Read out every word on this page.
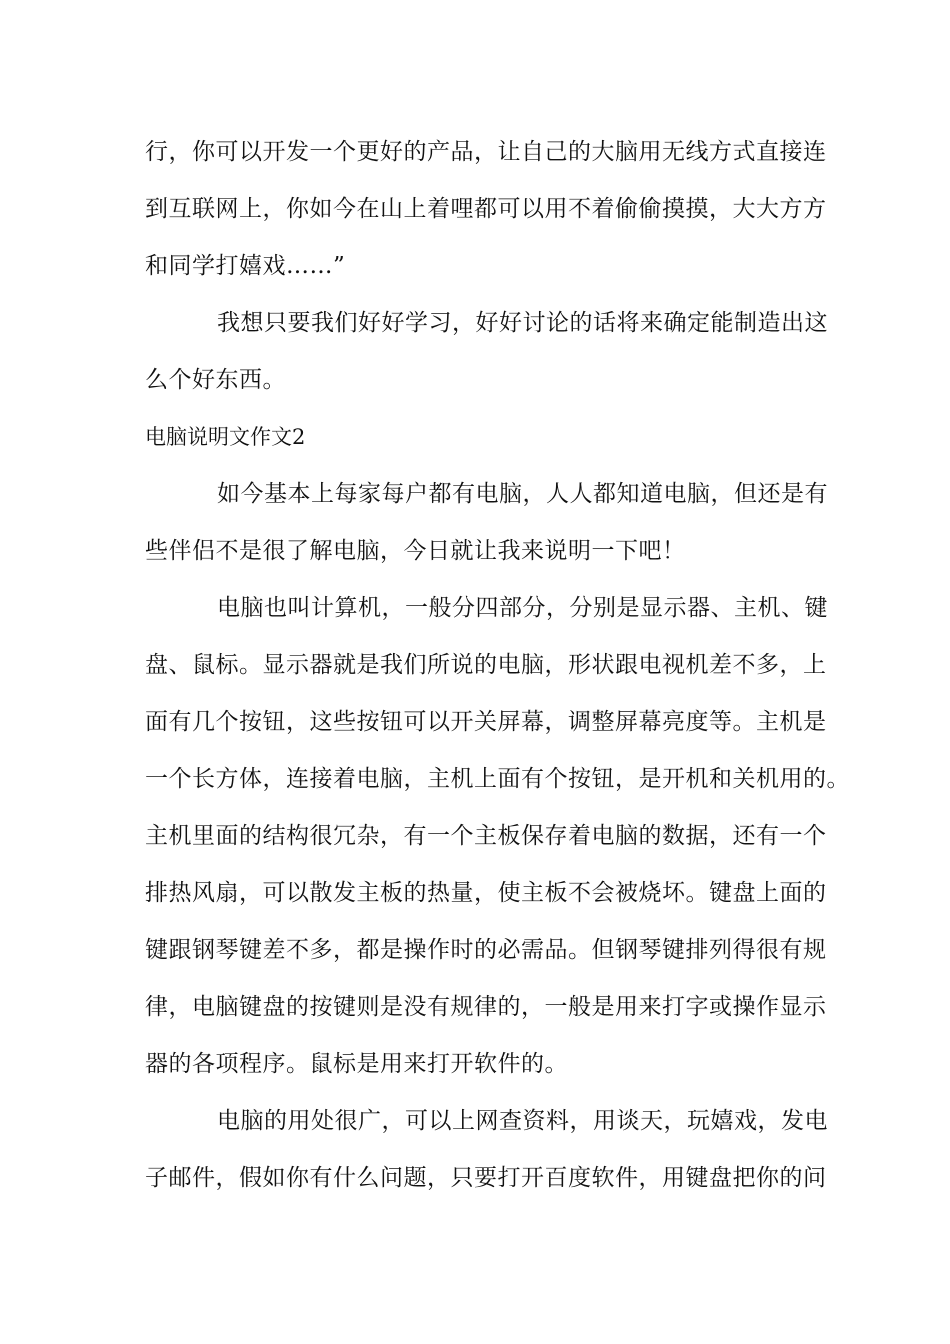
行，你可以开发一个更好的产品，让自己的大脑用无线方式直接连
到互联网上，你如今在山上着哩都可以用不着偷偷摸摸，大大方方
和同学打嬉戏……”
我想只要我们好好学习，好好讨论的话将来确定能制造出这
么个好东西。
电脑说明文作文2
如今基本上每家每户都有电脑，人人都知道电脑，但还是有
些伴侣不是很了解电脑，今日就让我来说明一下吧！
电脑也叫计算机，一般分四部分，分别是显示器、主机、键
盘、鼠标。显示器就是我们所说的电脑，形状跟电视机差不多，上
面有几个按钮，这些按钮可以开关屏幕，调整屏幕亮度等。主机是
一个长方体，连接着电脑，主机上面有个按钮，是开机和关机用的。
主机里面的结构很冗杂，有一个主板保存着电脑的数据，还有一个
排热风扇，可以散发主板的热量，使主板不会被烧坏。键盘上面的
键跟钢琴键差不多，都是操作时的必需品。但钢琴键排列得很有规
律，电脑键盘的按键则是没有规律的，一般是用来打字或操作显示
器的各项程序。鼠标是用来打开软件的。
电脑的用处很广，可以上网查资料，用谈天，玩嬉戏，发电
子邮件，假如你有什么问题，只要打开百度软件，用键盘把你的问
